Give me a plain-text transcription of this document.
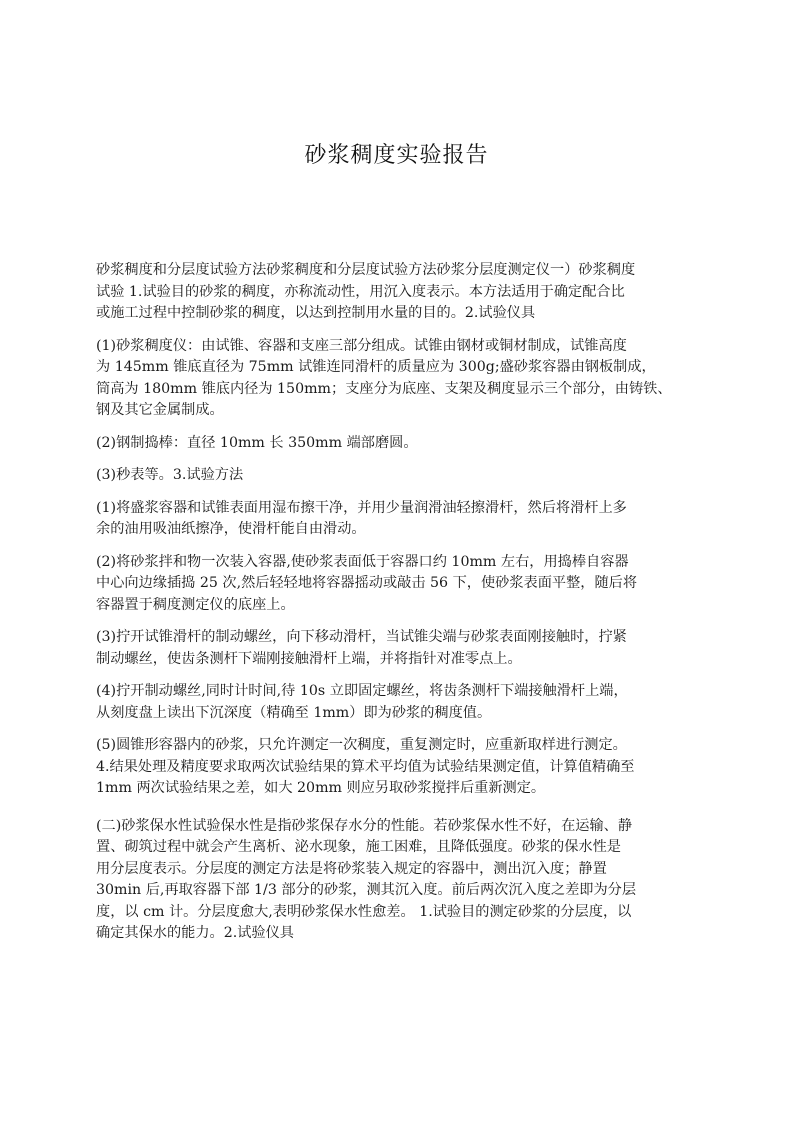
砂浆稠度实验报告

砂浆稠度和分层度试验方法砂浆稠度和分层度试验方法砂浆分层度测定仪一）砂浆稠度
试验 1.试验目的砂浆的稠度，亦称流动性，用沉入度表示。本方法适用于确定配合比
或施工过程中控制砂浆的稠度，以达到控制用水量的目的。2.试验仪具

(1)砂浆稠度仪：由试锥、容器和支座三部分组成。试锥由钢材或铜材制成，试锥高度
为 145mm 锥底直径为 75mm 试锥连同滑杆的质量应为 300g;盛砂浆容器由钢板制成，
筒高为 180mm 锥底内径为 150mm；支座分为底座、支架及稠度显示三个部分，由铸铁、
钢及其它金属制成。

(2)钢制捣棒：直径 10mm 长 350mm 端部磨圆。

(3)秒表等。3.试验方法

(1)将盛浆容器和试锥表面用湿布擦干净，并用少量润滑油轻擦滑杆，然后将滑杆上多
余的油用吸油纸擦净，使滑杆能自由滑动。

(2)将砂浆拌和物一次装入容器,使砂浆表面低于容器口约 10mm 左右，用捣棒自容器
中心向边缘插捣 25 次,然后轻轻地将容器摇动或敲击 56 下，使砂浆表面平整，随后将
容器置于稠度测定仪的底座上。

(3)拧开试锥滑杆的制动螺丝，向下移动滑杆，当试锥尖端与砂浆表面刚接触时，拧紧
制动螺丝，使齿条测杆下端刚接触滑杆上端，并将指针对准零点上。

(4)拧开制动螺丝,同时计时间,待 10s 立即固定螺丝，将齿条测杆下端接触滑杆上端，
从刻度盘上读出下沉深度（精确至 1mm）即为砂浆的稠度值。

(5)圆锥形容器内的砂浆，只允许测定一次稠度，重复测定时，应重新取样进行测定。
4.结果处理及精度要求取两次试验结果的算术平均值为试验结果测定值，计算值精确至
1mm 两次试验结果之差，如大 20mm 则应另取砂浆搅拌后重新测定。

(二)砂浆保水性试验保水性是指砂浆保存水分的性能。若砂浆保水性不好，在运输、静
置、砌筑过程中就会产生离析、泌水现象，施工困难，且降低强度。砂浆的保水性是
用分层度表示。分层度的测定方法是将砂浆装入规定的容器中，测出沉入度；静置
30min 后,再取容器下部 1/3 部分的砂浆，测其沉入度。前后两次沉入度之差即为分层
度，以 cm 计。分层度愈大,表明砂浆保水性愈差。 1.试验目的测定砂浆的分层度，以
确定其保水的能力。2.试验仪具
